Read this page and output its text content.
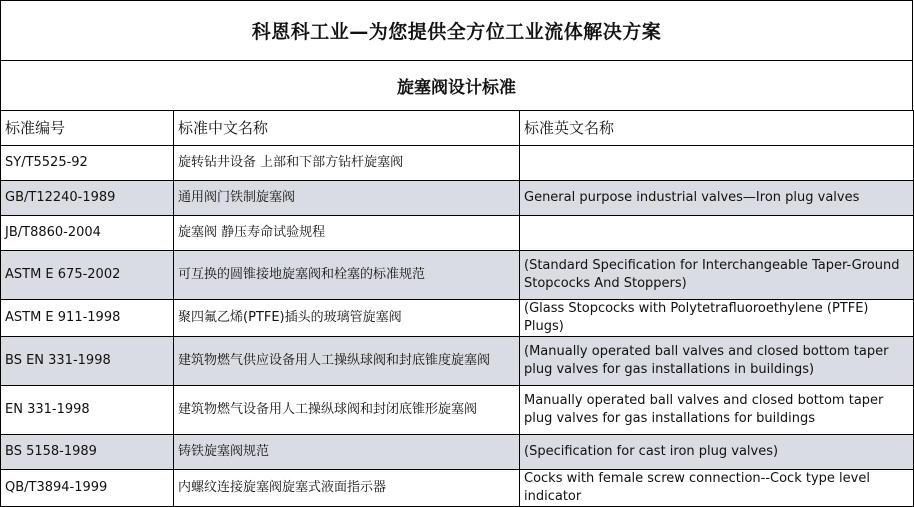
科恩科工业—为您提供全方位工业流体解决方案
旋塞阀设计标准
标准编号	标准中文名称	标准英文名称
SY/T5525-92	旋转钻井设备 上部和下部方钻杆旋塞阀	
GB/T12240-1989	通用阀门铁制旋塞阀	General purpose industrial valves—Iron plug valves
JB/T8860-2004	旋塞阀 静压寿命试验规程	
ASTM E 675-2002	可互换的圆锥接地旋塞阀和栓塞的标准规范	(Standard Specification for Interchangeable Taper-Ground Stopcocks And Stoppers)
ASTM E 911-1998	聚四氟乙烯(PTFE)插头的玻璃管旋塞阀	(Glass Stopcocks with Polytetrafluoroethylene (PTFE) Plugs)
BS EN 331-1998	建筑物燃气供应设备用人工操纵球阀和封底锥度旋塞阀	(Manually operated ball valves and closed bottom taper plug valves for gas installations in buildings)
EN 331-1998	建筑物燃气设备用人工操纵球阀和封闭底锥形旋塞阀	Manually operated ball valves and closed bottom taper plug valves for gas installations for buildings
BS 5158-1989	铸铁旋塞阀规范	(Specification for cast iron plug valves)
QB/T3894-1999	内螺纹连接旋塞阀旋塞式液面指示器	Cocks with female screw connection--Cock type level indicator
